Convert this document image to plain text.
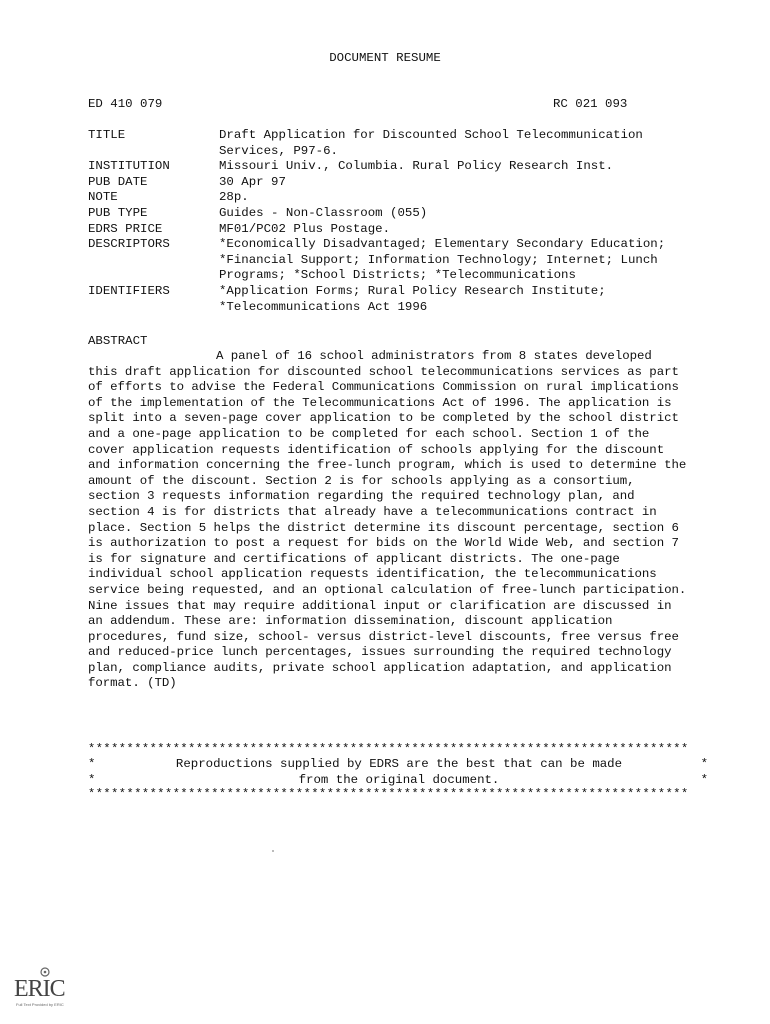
DOCUMENT RESUME
ED 410 079	RC 021 093
TITLE	Draft Application for Discounted School Telecommunication
Services, P97-6.
INSTITUTION	Missouri Univ., Columbia. Rural Policy Research Inst.
PUB DATE	30 Apr 97
NOTE	28p.
PUB TYPE	Guides - Non-Classroom (055)
EDRS PRICE	MF01/PC02 Plus Postage.
DESCRIPTORS	*Economically Disadvantaged; Elementary Secondary Education;
*Financial Support; Information Technology; Internet; Lunch
Programs; *School Districts; *Telecommunications
IDENTIFIERS	*Application Forms; Rural Policy Research Institute;
*Telecommunications Act 1996
ABSTRACT
A panel of 16 school administrators from 8 states developed this draft application for discounted school telecommunications services as part of efforts to advise the Federal Communications Commission on rural implications of the implementation of the Telecommunications Act of 1996. The application is split into a seven-page cover application to be completed by the school district and a one-page application to be completed for each school. Section 1 of the cover application requests identification of schools applying for the discount and information concerning the free-lunch program, which is used to determine the amount of the discount. Section 2 is for schools applying as a consortium, section 3 requests information regarding the required technology plan, and section 4 is for districts that already have a telecommunications contract in place. Section 5 helps the district determine its discount percentage, section 6 is authorization to post a request for bids on the World Wide Web, and section 7 is for signature and certifications of applicant districts. The one-page individual school application requests identification, the telecommunications service being requested, and an optional calculation of free-lunch participation. Nine issues that may require additional input or clarification are discussed in an addendum. These are: information dissemination, discount application procedures, fund size, school- versus district-level discounts, free versus free and reduced-price lunch percentages, issues surrounding the required technology plan, compliance audits, private school application adaptation, and application format. (TD)
******************************************************************************
*	Reproductions supplied by EDRS are the best that can be made	*
*	from the original document.	*
******************************************************************************
ERIC
Full Text Provided by ERIC
